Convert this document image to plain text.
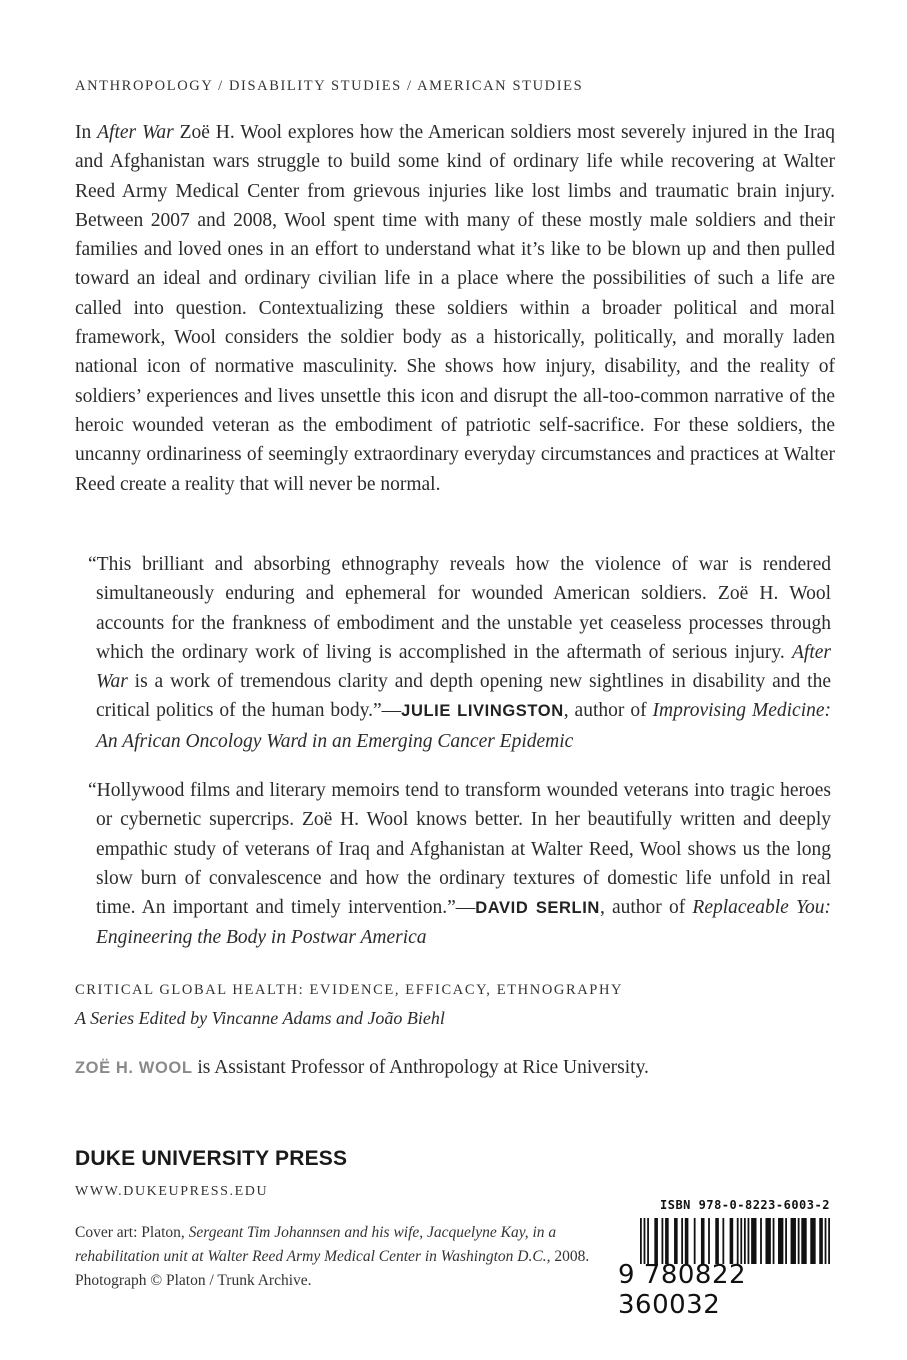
ANTHROPOLOGY / DISABILITY STUDIES / AMERICAN STUDIES

In After War Zoë H. Wool explores how the American soldiers most severely injured in the Iraq and Afghanistan wars struggle to build some kind of ordinary life while recovering at Walter Reed Army Medical Center from grievous injuries like lost limbs and traumatic brain injury. Between 2007 and 2008, Wool spent time with many of these mostly male soldiers and their families and loved ones in an effort to understand what it’s like to be blown up and then pulled toward an ideal and ordinary civilian life in a place where the possibilities of such a life are called into question. Contextualizing these soldiers within a broader political and moral framework, Wool considers the soldier body as a historically, politically, and morally laden national icon of normative masculinity. She shows how injury, disability, and the reality of soldiers’ experiences and lives unsettle this icon and disrupt the all-too-common narrative of the heroic wounded veteran as the embodiment of patriotic self-sacrifice. For these soldiers, the uncanny ordinariness of seemingly extraordinary everyday circumstances and practices at Walter Reed create a reality that will never be normal.

“This brilliant and absorbing ethnography reveals how the violence of war is rendered simultaneously enduring and ephemeral for wounded American soldiers. Zoë H. Wool accounts for the frankness of embodiment and the unstable yet ceaseless processes through which the ordinary work of living is accomplished in the aftermath of serious injury. After War is a work of tremendous clarity and depth opening new sightlines in disability and the critical politics of the human body.”—JULIE LIVINGSTON, author of Improvising Medicine: An African Oncology Ward in an Emerging Cancer Epidemic

“Hollywood films and literary memoirs tend to transform wounded veterans into tragic heroes or cybernetic supercrips. Zoë H. Wool knows better. In her beautifully written and deeply empathic study of veterans of Iraq and Afghanistan at Walter Reed, Wool shows us the long slow burn of convalescence and how the ordinary textures of domestic life unfold in real time. An important and timely intervention.”—DAVID SERLIN, author of Replaceable You: Engineering the Body in Postwar America

CRITICAL GLOBAL HEALTH: EVIDENCE, EFFICACY, ETHNOGRAPHY
A Series Edited by Vincanne Adams and João Biehl
ZOË H. WOOL is Assistant Professor of Anthropology at Rice University.
DUKE UNIVERSITY PRESS
WWW.DUKEUPRESS.EDU

Cover art: Platon, Sergeant Tim Johannsen and his wife, Jacquelyne Kay, in a rehabilitation unit at Walter Reed Army Medical Center in Washington D.C., 2008. Photograph © Platon / Trunk Archive.

ISBN 978-0-8223-6003-2
9 780822 360032
